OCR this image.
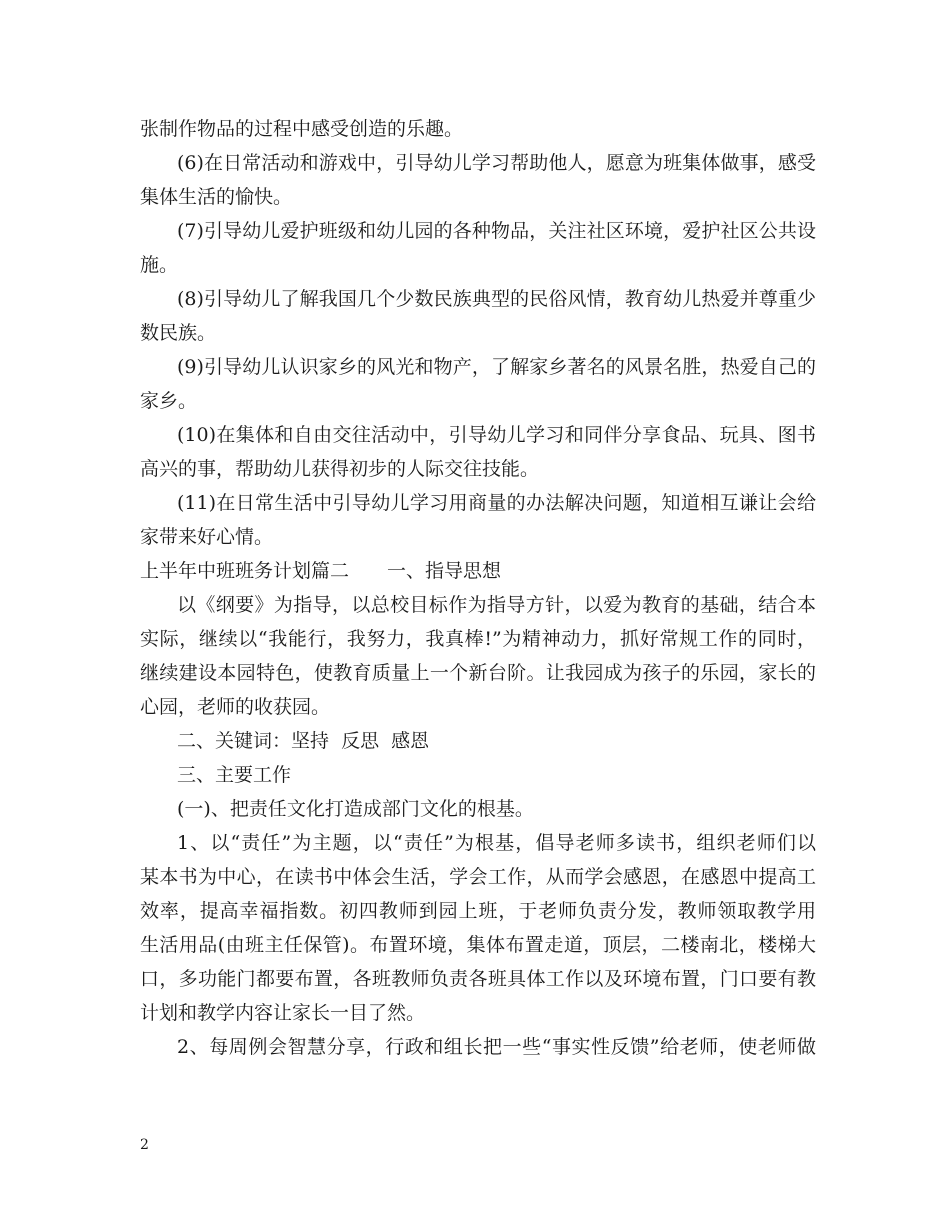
张制作物品的过程中感受创造的乐趣。
(6)在日常活动和游戏中，引导幼儿学习帮助他人，愿意为班集体做事，感受
集体生活的愉快。
(7)引导幼儿爱护班级和幼儿园的各种物品，关注社区环境，爱护社区公共设
施。
(8)引导幼儿了解我国几个少数民族典型的民俗风情，教育幼儿热爱并尊重少
数民族。
(9)引导幼儿认识家乡的风光和物产，了解家乡著名的风景名胜，热爱自己的
家乡。
(10)在集体和自由交往活动中，引导幼儿学习和同伴分享食品、玩具、图书
高兴的事，帮助幼儿获得初步的人际交往技能。
(11)在日常生活中引导幼儿学习用商量的办法解决问题，知道相互谦让会给
家带来好心情。
上半年中班班务计划篇二　　一、指导思想
以《纲要》为指导，以总校目标作为指导方针，以爱为教育的基础，结合本
实际，继续以“我能行，我努力，我真棒!”为精神动力，抓好常规工作的同时，
继续建设本园特色，使教育质量上一个新台阶。让我园成为孩子的乐园，家长的
心园，老师的收获园。
二、关键词：坚持  反思  感恩
三、主要工作
(一)、把责任文化打造成部门文化的根基。
1、以“责任”为主题，以“责任”为根基，倡导老师多读书，组织老师们以
某本书为中心，在读书中体会生活，学会工作，从而学会感恩，在感恩中提高工
效率，提高幸福指数。初四教师到园上班，于老师负责分发，教师领取教学用
生活用品(由班主任保管)。布置环境，集体布置走道，顶层，二楼南北，楼梯大
口，多功能门都要布置，各班教师负责各班具体工作以及环境布置，门口要有教
计划和教学内容让家长一目了然。
2、每周例会智慧分享，行政和组长把一些“事实性反馈”给老师，使老师做
2
